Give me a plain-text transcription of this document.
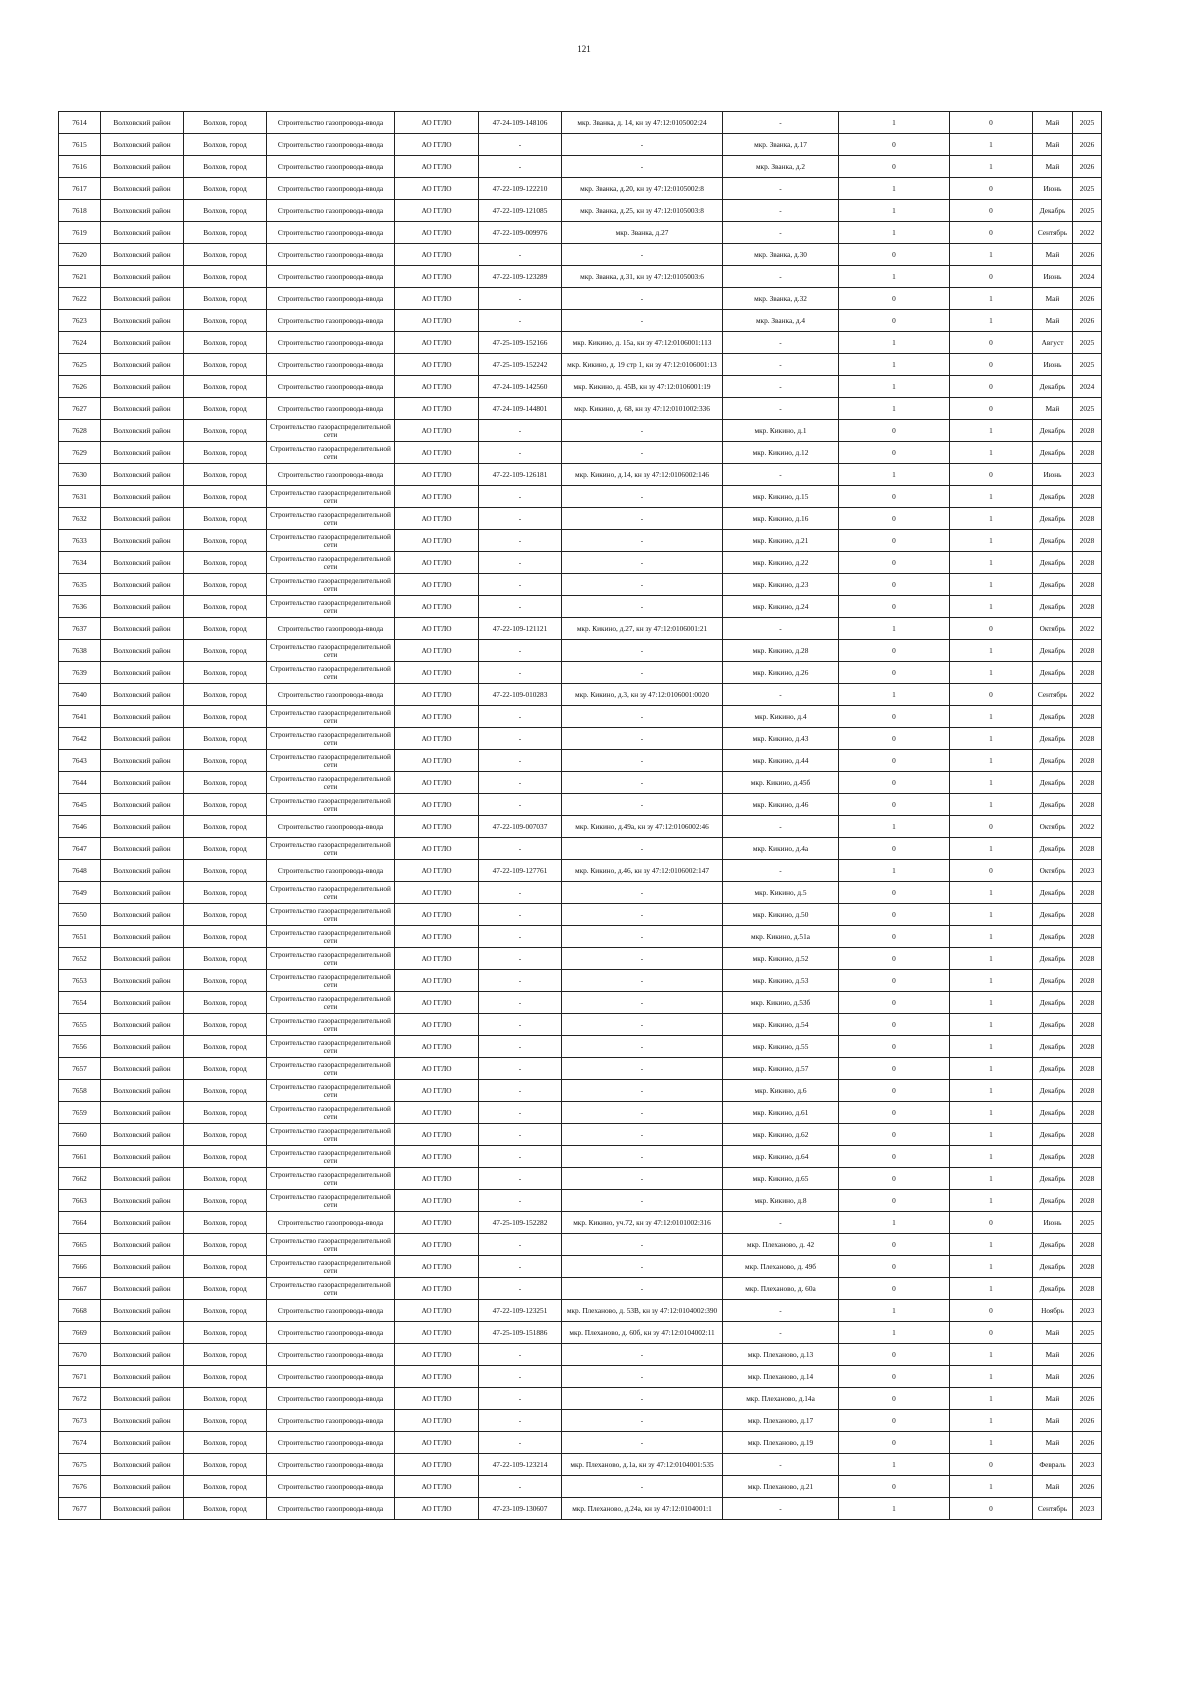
121
7614	Волховский район	Волхов, город	Строительство газопровода-ввода	АО ГГЛО	47-24-109-148106	мкр. Званка, д. 14, кн зу 47:12:0105002:24	-	1	0	Май	2025
7615	Волховский район	Волхов, город	Строительство газопровода-ввода	АО ГГЛО	-	-	мкр. Званка, д.17	0	1	Май	2026
7616	Волховский район	Волхов, город	Строительство газопровода-ввода	АО ГГЛО	-	-	мкр. Званка, д.2	0	1	Май	2026
7617	Волховский район	Волхов, город	Строительство газопровода-ввода	АО ГГЛО	47-22-109-122210	мкр. Званка, д.20, кн зу 47:12:0105002:8	-	1	0	Июнь	2025
7618	Волховский район	Волхов, город	Строительство газопровода-ввода	АО ГГЛО	47-22-109-121085	мкр. Званка, д.25, кн зу 47:12:0105003:8	-	1	0	Декабрь	2025
7619	Волховский район	Волхов, город	Строительство газопровода-ввода	АО ГГЛО	47-22-109-009976	мкр. Званка, д.27	-	1	0	Сентябрь	2022
7620	Волховский район	Волхов, город	Строительство газопровода-ввода	АО ГГЛО	-	-	мкр. Званка, д.30	0	1	Май	2026
7621	Волховский район	Волхов, город	Строительство газопровода-ввода	АО ГГЛО	47-22-109-123289	мкр. Званка, д.31, кн зу 47:12:0105003:6	-	1	0	Июнь	2024
7622	Волховский район	Волхов, город	Строительство газопровода-ввода	АО ГГЛО	-	-	мкр. Званка, д.32	0	1	Май	2026
7623	Волховский район	Волхов, город	Строительство газопровода-ввода	АО ГГЛО	-	-	мкр. Званка, д.4	0	1	Май	2026
7624	Волховский район	Волхов, город	Строительство газопровода-ввода	АО ГГЛО	47-25-109-152166	мкр. Кикино, д. 15а, кн зу 47:12:0106001:113	-	1	0	Август	2025
7625	Волховский район	Волхов, город	Строительство газопровода-ввода	АО ГГЛО	47-25-109-152242	мкр. Кикино, д. 19 стр 1, кн зу 47:12:0106001:13	-	1	0	Июнь	2025
7626	Волховский район	Волхов, город	Строительство газопровода-ввода	АО ГГЛО	47-24-109-142560	мкр. Кикино, д. 45В, кн зу 47:12:0106001:19	-	1	0	Декабрь	2024
7627	Волховский район	Волхов, город	Строительство газопровода-ввода	АО ГГЛО	47-24-109-144801	мкр. Кикино, д. 68, кн зу 47:12:0101002:336	-	1	0	Май	2025
7628	Волховский район	Волхов, город	Строительство газораспределительной сети	АО ГГЛО	-	-	мкр. Кикино, д.1	0	1	Декабрь	2028
7629	Волховский район	Волхов, город	Строительство газораспределительной сети	АО ГГЛО	-	-	мкр. Кикино, д.12	0	1	Декабрь	2028
7630	Волховский район	Волхов, город	Строительство газопровода-ввода	АО ГГЛО	47-22-109-126181	мкр. Кикино, д.14, кн зу 47:12:0106002:146	-	1	0	Июнь	2023
7631	Волховский район	Волхов, город	Строительство газораспределительной сети	АО ГГЛО	-	-	мкр. Кикино, д.15	0	1	Декабрь	2028
7632	Волховский район	Волхов, город	Строительство газораспределительной сети	АО ГГЛО	-	-	мкр. Кикино, д.16	0	1	Декабрь	2028
7633	Волховский район	Волхов, город	Строительство газораспределительной сети	АО ГГЛО	-	-	мкр. Кикино, д.21	0	1	Декабрь	2028
7634	Волховский район	Волхов, город	Строительство газораспределительной сети	АО ГГЛО	-	-	мкр. Кикино, д.22	0	1	Декабрь	2028
7635	Волховский район	Волхов, город	Строительство газораспределительной сети	АО ГГЛО	-	-	мкр. Кикино, д.23	0	1	Декабрь	2028
7636	Волховский район	Волхов, город	Строительство газораспределительной сети	АО ГГЛО	-	-	мкр. Кикино, д.24	0	1	Декабрь	2028
7637	Волховский район	Волхов, город	Строительство газопровода-ввода	АО ГГЛО	47-22-109-121121	мкр. Кикино, д.27, кн зу 47:12:0106001:21	-	1	0	Октябрь	2022
7638	Волховский район	Волхов, город	Строительство газораспределительной сети	АО ГГЛО	-	-	мкр. Кикино, д.28	0	1	Декабрь	2028
7639	Волховский район	Волхов, город	Строительство газораспределительной сети	АО ГГЛО	-	-	мкр. Кикино, д.26	0	1	Декабрь	2028
7640	Волховский район	Волхов, город	Строительство газопровода-ввода	АО ГГЛО	47-22-109-010283	мкр. Кикино, д.3, кн зу 47:12:0106001:0020	-	1	0	Сентябрь	2022
7641	Волховский район	Волхов, город	Строительство газораспределительной сети	АО ГГЛО	-	-	мкр. Кикино, д.4	0	1	Декабрь	2028
7642	Волховский район	Волхов, город	Строительство газораспределительной сети	АО ГГЛО	-	-	мкр. Кикино, д.43	0	1	Декабрь	2028
7643	Волховский район	Волхов, город	Строительство газораспределительной сети	АО ГГЛО	-	-	мкр. Кикино, д.44	0	1	Декабрь	2028
7644	Волховский район	Волхов, город	Строительство газораспределительной сети	АО ГГЛО	-	-	мкр. Кикино, д.45б	0	1	Декабрь	2028
7645	Волховский район	Волхов, город	Строительство газораспределительной сети	АО ГГЛО	-	-	мкр. Кикино, д.46	0	1	Декабрь	2028
7646	Волховский район	Волхов, город	Строительство газопровода-ввода	АО ГГЛО	47-22-109-007037	мкр. Кикино, д.49а, кн зу 47:12:0106002:46	-	1	0	Октябрь	2022
7647	Волховский район	Волхов, город	Строительство газораспределительной сети	АО ГГЛО	-	-	мкр. Кикино, д.4а	0	1	Декабрь	2028
7648	Волховский район	Волхов, город	Строительство газопровода-ввода	АО ГГЛО	47-22-109-127761	мкр. Кикино, д.46, кн зу 47:12:0106002:147	-	1	0	Октябрь	2023
7649	Волховский район	Волхов, город	Строительство газораспределительной сети	АО ГГЛО	-	-	мкр. Кикино, д.5	0	1	Декабрь	2028
7650	Волховский район	Волхов, город	Строительство газораспределительной сети	АО ГГЛО	-	-	мкр. Кикино, д.50	0	1	Декабрь	2028
7651	Волховский район	Волхов, город	Строительство газораспределительной сети	АО ГГЛО	-	-	мкр. Кикино, д.51а	0	1	Декабрь	2028
7652	Волховский район	Волхов, город	Строительство газораспределительной сети	АО ГГЛО	-	-	мкр. Кикино, д.52	0	1	Декабрь	2028
7653	Волховский район	Волхов, город	Строительство газораспределительной сети	АО ГГЛО	-	-	мкр. Кикино, д.53	0	1	Декабрь	2028
7654	Волховский район	Волхов, город	Строительство газораспределительной сети	АО ГГЛО	-	-	мкр. Кикино, д.53б	0	1	Декабрь	2028
7655	Волховский район	Волхов, город	Строительство газораспределительной сети	АО ГГЛО	-	-	мкр. Кикино, д.54	0	1	Декабрь	2028
7656	Волховский район	Волхов, город	Строительство газораспределительной сети	АО ГГЛО	-	-	мкр. Кикино, д.55	0	1	Декабрь	2028
7657	Волховский район	Волхов, город	Строительство газораспределительной сети	АО ГГЛО	-	-	мкр. Кикино, д.57	0	1	Декабрь	2028
7658	Волховский район	Волхов, город	Строительство газораспределительной сети	АО ГГЛО	-	-	мкр. Кикино, д.6	0	1	Декабрь	2028
7659	Волховский район	Волхов, город	Строительство газораспределительной сети	АО ГГЛО	-	-	мкр. Кикино, д.61	0	1	Декабрь	2028
7660	Волховский район	Волхов, город	Строительство газораспределительной сети	АО ГГЛО	-	-	мкр. Кикино, д.62	0	1	Декабрь	2028
7661	Волховский район	Волхов, город	Строительство газораспределительной сети	АО ГГЛО	-	-	мкр. Кикино, д.64	0	1	Декабрь	2028
7662	Волховский район	Волхов, город	Строительство газораспределительной сети	АО ГГЛО	-	-	мкр. Кикино, д.65	0	1	Декабрь	2028
7663	Волховский район	Волхов, город	Строительство газораспределительной сети	АО ГГЛО	-	-	мкр. Кикино, д.8	0	1	Декабрь	2028
7664	Волховский район	Волхов, город	Строительство газопровода-ввода	АО ГГЛО	47-25-109-152282	мкр. Кикино, уч.72, кн зу 47:12:0101002:316	-	1	0	Июнь	2025
7665	Волховский район	Волхов, город	Строительство газораспределительной сети	АО ГГЛО	-	-	мкр. Плеханово, д. 42	0	1	Декабрь	2028
7666	Волховский район	Волхов, город	Строительство газораспределительной сети	АО ГГЛО	-	-	мкр. Плеханово, д. 49б	0	1	Декабрь	2028
7667	Волховский район	Волхов, город	Строительство газораспределительной сети	АО ГГЛО	-	-	мкр. Плеханово, д. 60а	0	1	Декабрь	2028
7668	Волховский район	Волхов, город	Строительство газопровода-ввода	АО ГГЛО	47-22-109-123251	мкр. Плеханово, д. 53В, кн зу 47:12:0104002:390	-	1	0	Ноябрь	2023
7669	Волховский район	Волхов, город	Строительство газопровода-ввода	АО ГГЛО	47-25-109-151886	мкр. Плеханово, д. 60б, кн зу 47:12:0104002:11	-	1	0	Май	2025
7670	Волховский район	Волхов, город	Строительство газопровода-ввода	АО ГГЛО	-	-	мкр. Плеханово, д.13	0	1	Май	2026
7671	Волховский район	Волхов, город	Строительство газопровода-ввода	АО ГГЛО	-	-	мкр. Плеханово, д.14	0	1	Май	2026
7672	Волховский район	Волхов, город	Строительство газопровода-ввода	АО ГГЛО	-	-	мкр. Плеханово, д.14а	0	1	Май	2026
7673	Волховский район	Волхов, город	Строительство газопровода-ввода	АО ГГЛО	-	-	мкр. Плеханово, д.17	0	1	Май	2026
7674	Волховский район	Волхов, город	Строительство газопровода-ввода	АО ГГЛО	-	-	мкр. Плеханово, д.19	0	1	Май	2026
7675	Волховский район	Волхов, город	Строительство газопровода-ввода	АО ГГЛО	47-22-109-123214	мкр. Плеханово, д.1а, кн зу 47:12:0104001:535	-	1	0	Февраль	2023
7676	Волховский район	Волхов, город	Строительство газопровода-ввода	АО ГГЛО	-	-	мкр. Плеханово, д.21	0	1	Май	2026
7677	Волховский район	Волхов, город	Строительство газопровода-ввода	АО ГГЛО	47-23-109-130607	мкр. Плеханово, д.24а, кн зу 47:12:0104001:1	-	1	0	Сентябрь	2023
